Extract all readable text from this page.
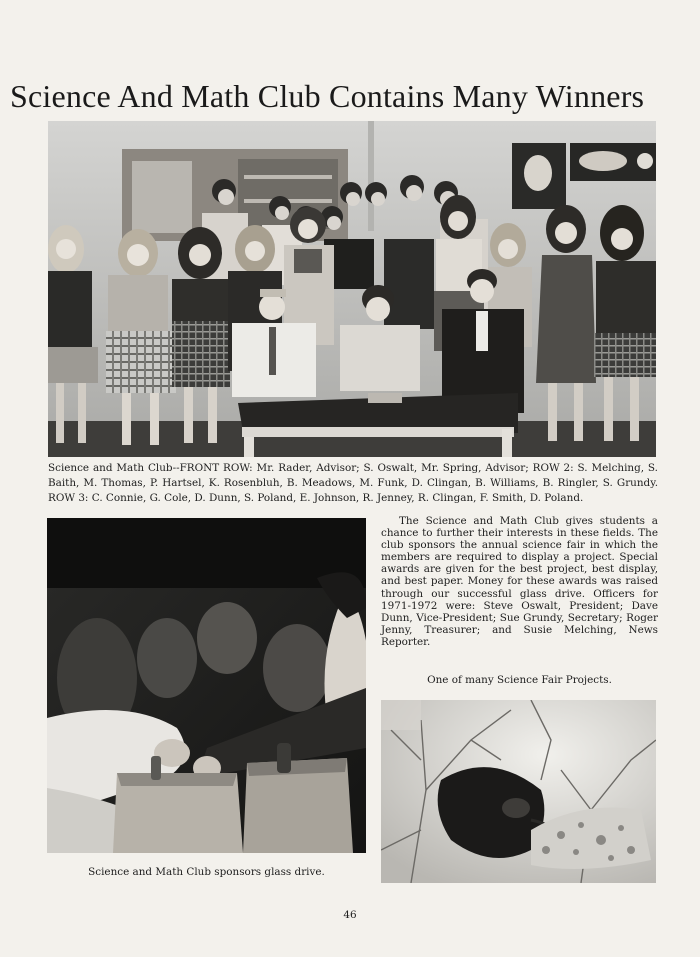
Science And Math Club Contains Many Winners

Science and Math Club--FRONT ROW: Mr. Rader, Advisor; S. Oswalt, Mr. Spring, Advisor; ROW 2: S. Melching, S. Baith, M. Thomas, P. Hartsel, K. Rosenbluh, B. Meadows, M. Funk, D. Clingan, B. Williams, B. Ringler, S. Grundy. ROW 3: C. Connie, G. Cole, D. Dunn, S. Poland, E. Johnson, R. Jenney, R. Clingan, F. Smith, D. Poland.

The Science and Math Club gives students a chance to further their interests in these fields. The club sponsors the annual science fair in which the members are required to display a project. Special awards are given for the best project, best display, and best paper. Money for these awards was raised through our successful glass drive. Officers for 1971-1972 were: Steve Oswalt, President; Dave Dunn, Vice-President; Sue Grundy, Secretary; Roger Jenny, Treasurer; and Susie Melching, News Reporter.

One of many Science Fair Projects.

Science and Math Club sponsors glass drive.

46
